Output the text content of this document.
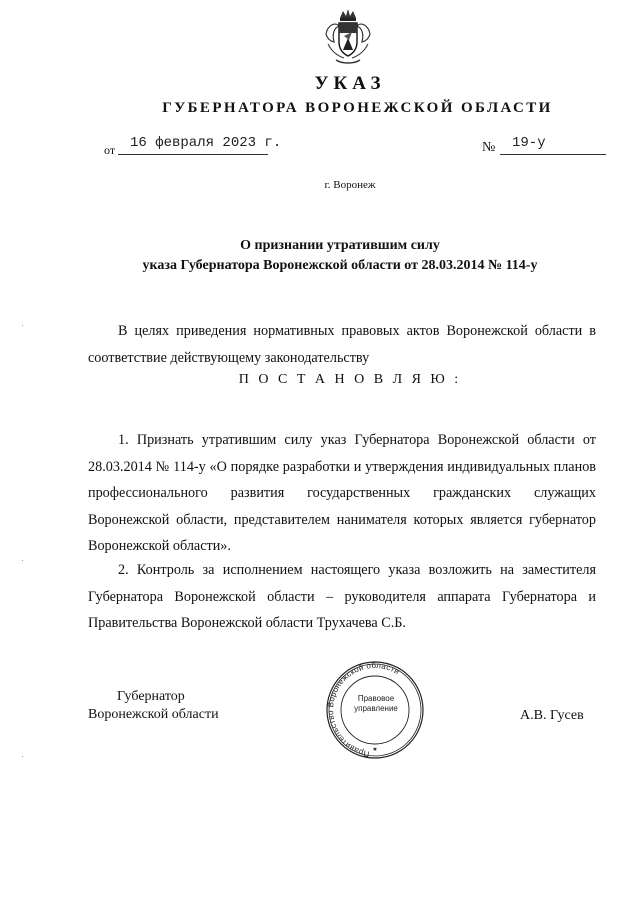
УКАЗ
ГУБЕРНАТОРА ВОРОНЕЖСКОЙ ОБЛАСТИ
от 16 февраля 2023 г.	№ 19-у
г. Воронеж
О признании утратившим силу
указа Губернатора Воронежской области от 28.03.2014 № 114-у
В целях приведения нормативных правовых актов Воронежской области в соответствие действующему законодательству
П О С Т А Н О В Л Я Ю :
1. Признать утратившим силу указ Губернатора Воронежской области от 28.03.2014 № 114-у «О порядке разработки и утверждения индивидуальных планов профессионального развития государственных гражданских служащих Воронежской области, представителем нанимателя которых является губернатор Воронежской области».
2. Контроль за исполнением настоящего указа возложить на заместителя Губернатора Воронежской области – руководителя аппарата Губернатора и Правительства Воронежской области Трухачева С.Б.
Губернатор
Воронежской области	А.В. Гусев
Правительство Воронежской области
★
Правовое
управление
